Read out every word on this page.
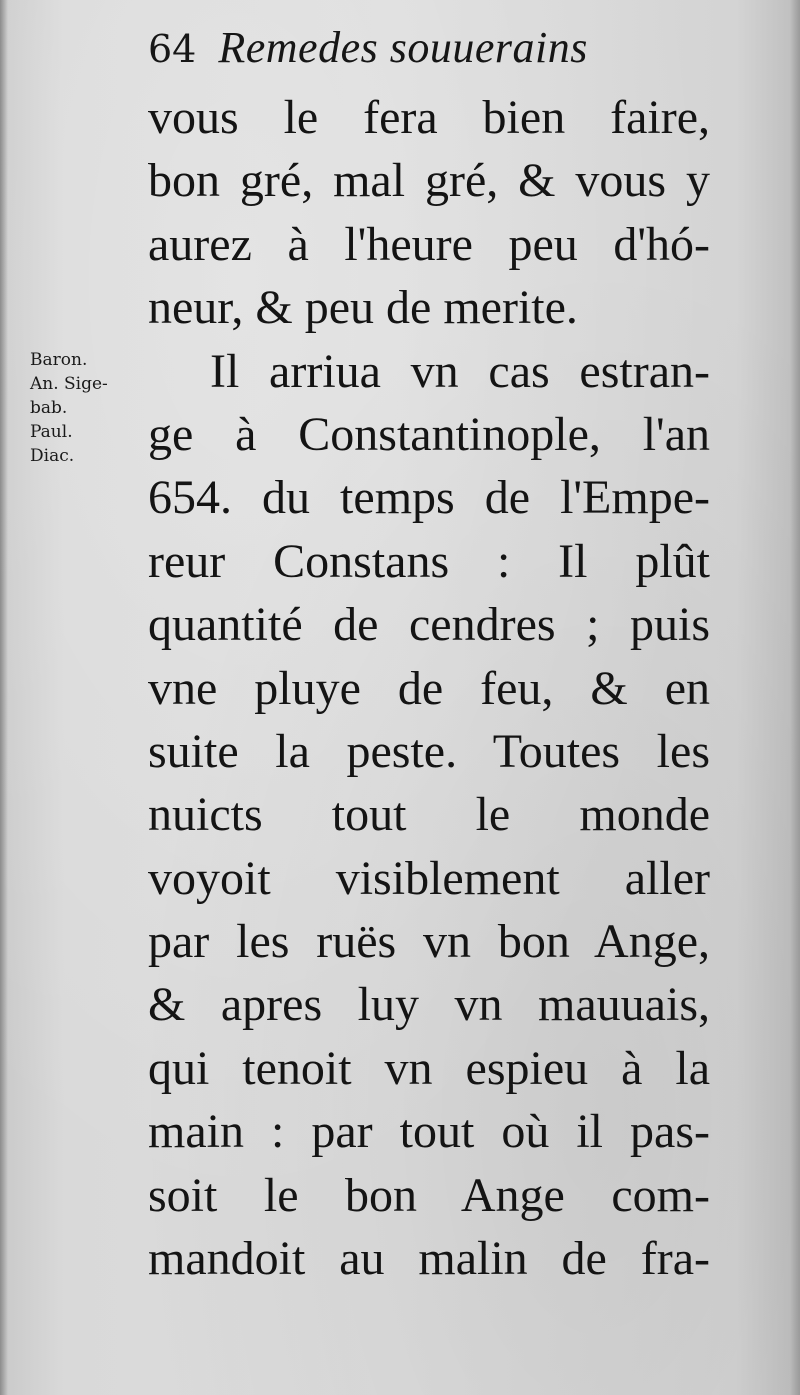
64 Remedes souuerains
Baron.
An. Sige-
bab.
Paul.
Diac.
vous le fera bien faire,
bon gré, mal gré, & vous y
aurez à l'heure peu d'hó-
neur, & peu de merite.
Il arriua vn cas estran-
ge à Constantinople, l'an
654. du temps de l'Empe-
reur Constans : Il plût
quantité de cendres ; puis
vne pluye de feu, & en
suite la peste. Toutes les
nuicts tout le monde
voyoit visiblement aller
par les ruës vn bon Ange,
& apres luy vn mauuais,
qui tenoit vn espieu à la
main : par tout où il pas-
soit le bon Ange com-
mandoit au malin de fra-
